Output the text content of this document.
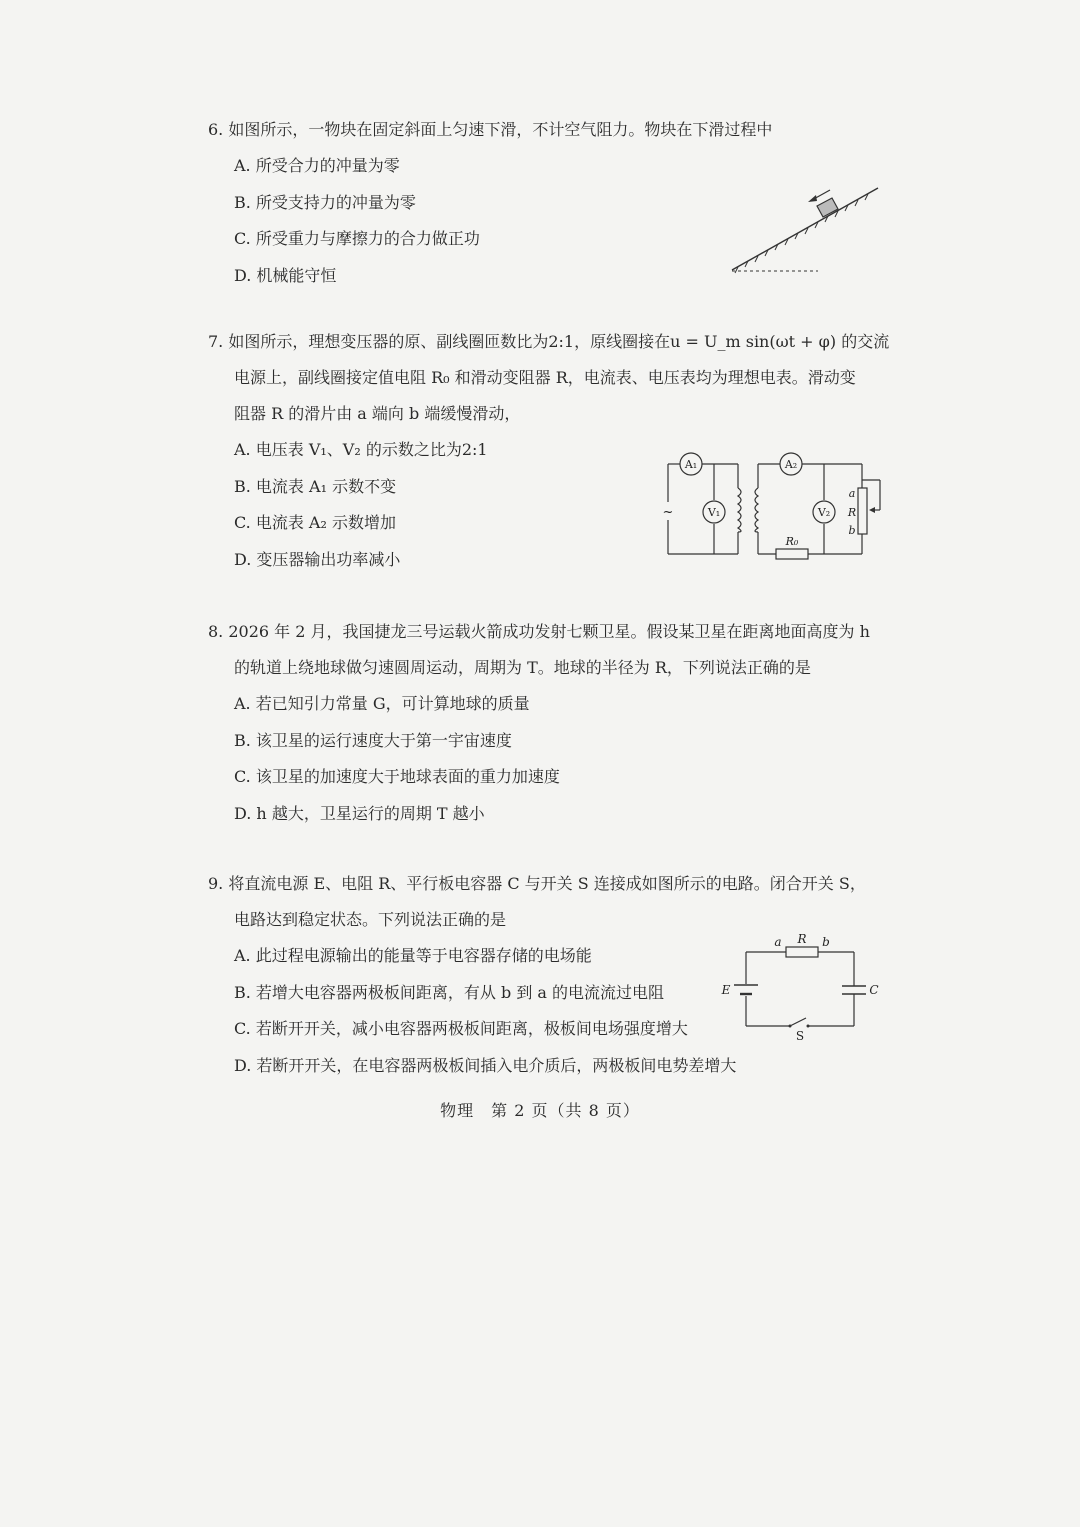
6. 如图所示，一物块在固定斜面上匀速下滑，不计空气阻力。物块在下滑过程中
A. 所受合力的冲量为零
B. 所受支持力的冲量为零
C. 所受重力与摩擦力的合力做正功
D. 机械能守恒
7. 如图所示，理想变压器的原、副线圈匝数比为2:1，原线圈接在u = U_m sin(ωt + φ) 的交流
电源上，副线圈接定值电阻 R₀ 和滑动变阻器 R，电流表、电压表均为理想电表。滑动变
阻器 R 的滑片由 a 端向 b 端缓慢滑动，
A. 电压表 V₁、V₂ 的示数之比为2:1
B. 电流表 A₁ 示数不变
C. 电流表 A₂ 示数增加
D. 变压器输出功率减小
A₁
V₁
~
A₂
V₂
R₀
a
R
b
8. 2026 年 2 月，我国捷龙三号运载火箭成功发射七颗卫星。假设某卫星在距离地面高度为 h
的轨道上绕地球做匀速圆周运动，周期为 T。地球的半径为 R，下列说法正确的是
A. 若已知引力常量 G，可计算地球的质量
B. 该卫星的运行速度大于第一宇宙速度
C. 该卫星的加速度大于地球表面的重力加速度
D. h 越大，卫星运行的周期 T 越小
9. 将直流电源 E、电阻 R、平行板电容器 C 与开关 S 连接成如图所示的电路。闭合开关 S，
电路达到稳定状态。下列说法正确的是
A. 此过程电源输出的能量等于电容器存储的电场能
B. 若增大电容器两极板间距离，有从 b 到 a 的电流流过电阻
C. 若断开开关，减小电容器两极板间距离，极板间电场强度增大
D. 若断开开关，在电容器两极板间插入电介质后，两极板间电势差增大
E	C
R
a	b
S
物理　第 2 页（共 8 页）
